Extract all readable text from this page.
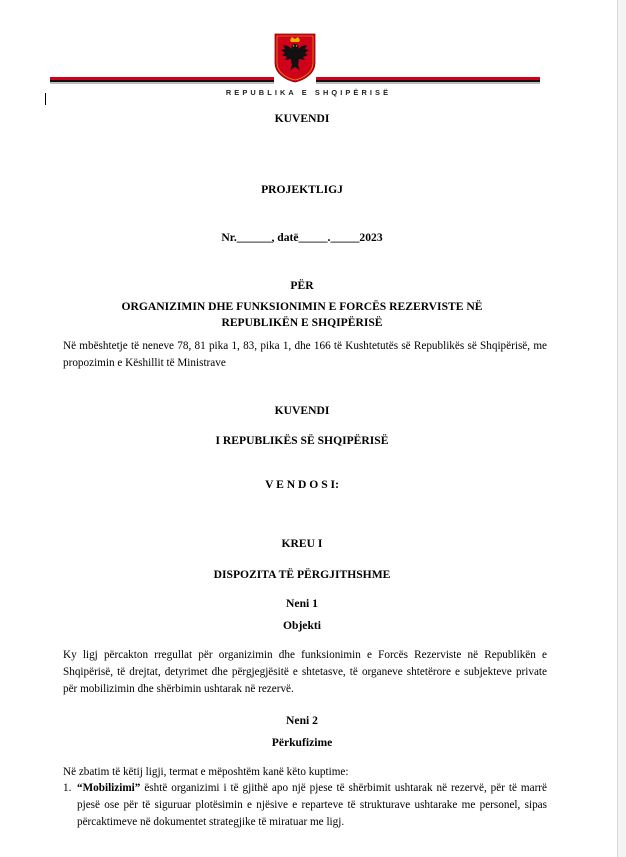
REPUBLIKA E SHQIPËRISË
KUVENDI
PROJEKTLIGJ
Nr.______, datë_____._____2023
PËR
ORGANIZIMIN DHE FUNKSIONIMIN E FORCËS REZERVISTE NË
REPUBLIKËN E SHQIPËRISË
Në mbështetje të neneve 78, 81 pika 1, 83, pika 1, dhe 166 të Kushtetutës së Republikës së Shqipërisë, me propozimin e Këshillit të Ministrave
KUVENDI
I REPUBLIKËS SË SHQIPËRISË
V E N D O S I:
KREU I
DISPOZITA TË PËRGJITHSHME
Neni 1
Objekti
Ky ligj përcakton rregullat për organizimin dhe funksionimin e Forcës Rezerviste në Republikën e Shqipërisë, të drejtat, detyrimet dhe përgjegjësitë e shtetasve, të organeve shtetërore e subjekteve private për mobilizimin dhe shërbimin ushtarak në rezervë.
Neni 2
Përkufizime
Në zbatim të këtij ligji, termat e mëposhtëm kanë këto kuptime:
1. “Mobilizimi” është organizimi i të gjithë apo një pjese të shërbimit ushtarak në rezervë, për të marrë pjesë ose për të siguruar plotësimin e njësive e reparteve të strukturave ushtarake me personel, sipas përcaktimeve në dokumentet strategjike të miratuar me ligj.
